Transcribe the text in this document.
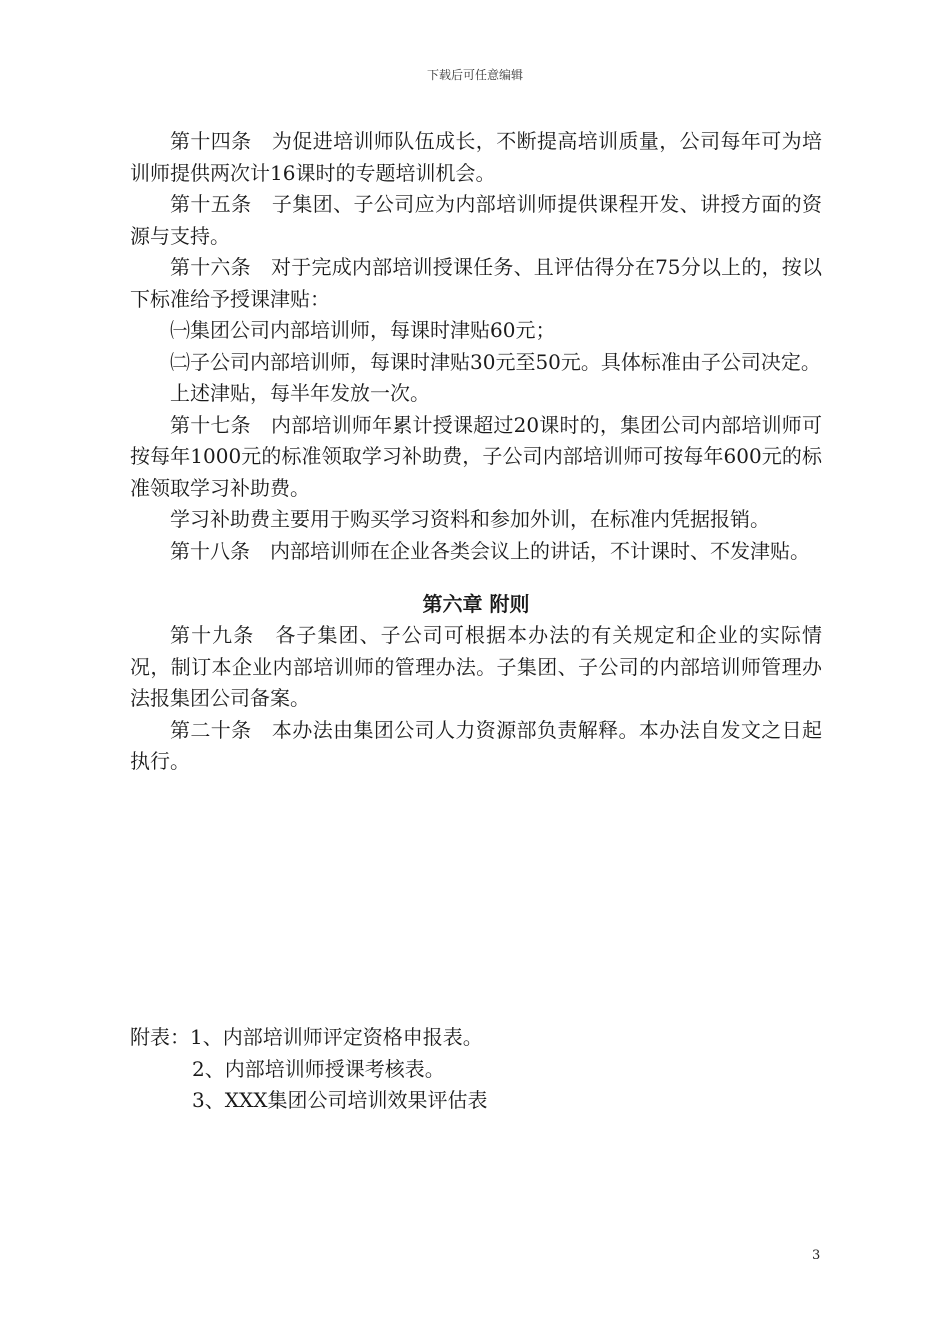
下载后可任意编辑

第十四条　为促进培训师队伍成长，不断提高培训质量，公司每年可为培训师提供两次计16课时的专题培训机会。

第十五条　子集团、子公司应为内部培训师提供课程开发、讲授方面的资源与支持。

第十六条　对于完成内部培训授课任务、且评估得分在75分以上的，按以下标准给予授课津贴：

㈠集团公司内部培训师，每课时津贴60元；

㈡子公司内部培训师，每课时津贴30元至50元。具体标准由子公司决定。

上述津贴，每半年发放一次。

第十七条　内部培训师年累计授课超过20课时的，集团公司内部培训师可按每年1000元的标准领取学习补助费，子公司内部培训师可按每年600元的标准领取学习补助费。

学习补助费主要用于购买学习资料和参加外训，在标准内凭据报销。

第十八条　内部培训师在企业各类会议上的讲话，不计课时、不发津贴。

第六章 附则

第十九条　各子集团、子公司可根据本办法的有关规定和企业的实际情况，制订本企业内部培训师的管理办法。子集团、子公司的内部培训师管理办法报集团公司备案。

第二十条　本办法由集团公司人力资源部负责解释。本办法自发文之日起执行。

附表：1、内部培训师评定资格申报表。
2、内部培训师授课考核表。
3、XXX集团公司培训效果评估表
3
